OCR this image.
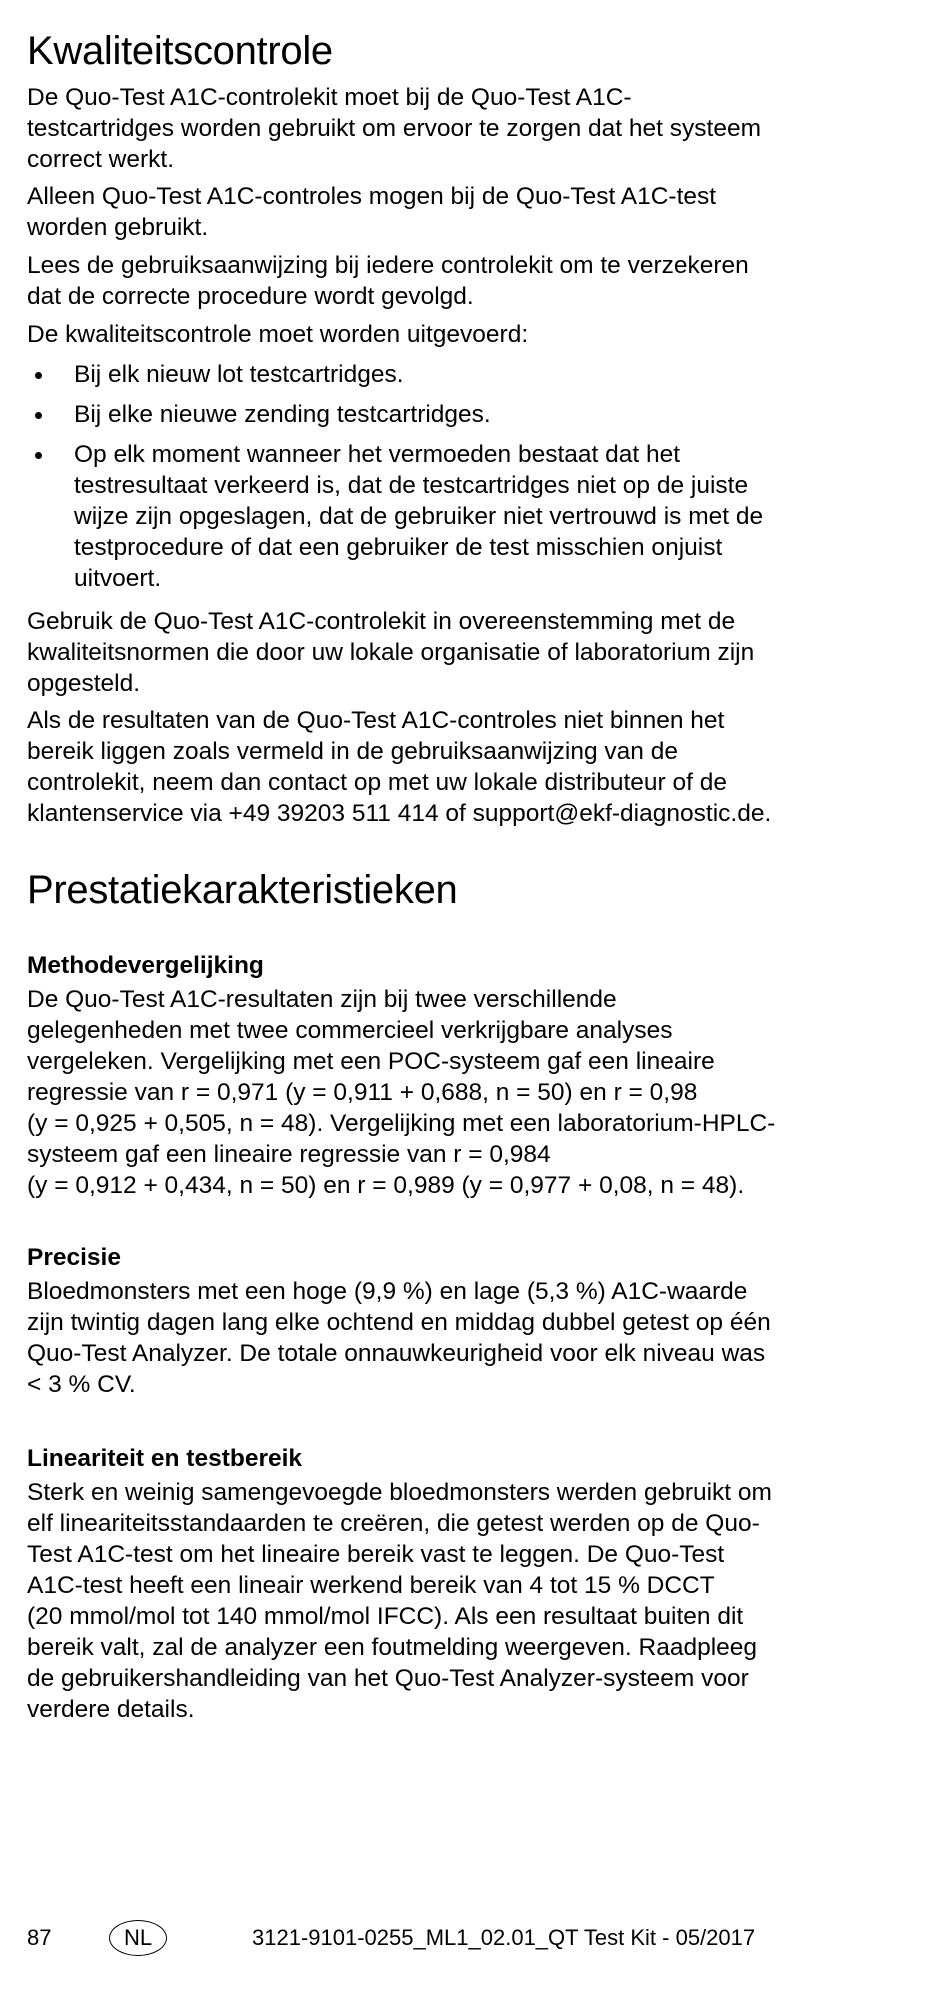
Kwaliteitscontrole

De Quo-Test A1C-controlekit moet bij de Quo-Test A1C-
testcartridges worden gebruikt om ervoor te zorgen dat het systeem
correct werkt.

Alleen Quo-Test A1C-controles mogen bij de Quo-Test A1C-test
worden gebruikt.

Lees de gebruiksaanwijzing bij iedere controlekit om te verzekeren
dat de correcte procedure wordt gevolgd.

De kwaliteitscontrole moet worden uitgevoerd:

Bij elk nieuw lot testcartridges.
Bij elke nieuwe zending testcartridges.
Op elk moment wanneer het vermoeden bestaat dat het
testresultaat verkeerd is, dat de testcartridges niet op de juiste
wijze zijn opgeslagen, dat de gebruiker niet vertrouwd is met de
testprocedure of dat een gebruiker de test misschien onjuist
uitvoert.

Gebruik de Quo-Test A1C-controlekit in overeenstemming met de
kwaliteitsnormen die door uw lokale organisatie of laboratorium zijn
opgesteld.

Als de resultaten van de Quo-Test A1C-controles niet binnen het
bereik liggen zoals vermeld in de gebruiksaanwijzing van de
controlekit, neem dan contact op met uw lokale distributeur of de
klantenservice via +49 39203 511 414 of support@ekf-diagnostic.de.

Prestatiekarakteristieken
Methodevergelijking

De Quo-Test A1C-resultaten zijn bij twee verschillende
gelegenheden met twee commercieel verkrijgbare analyses
vergeleken. Vergelijking met een POC-systeem gaf een lineaire
regressie van r = 0,971 (y = 0,911 + 0,688, n = 50) en r = 0,98
(y = 0,925 + 0,505, n = 48). Vergelijking met een laboratorium-HPLC-
systeem gaf een lineaire regressie van r = 0,984
(y = 0,912 + 0,434, n = 50) en r = 0,989 (y = 0,977 + 0,08, n = 48).

Precisie

Bloedmonsters met een hoge (9,9 %) en lage (5,3 %) A1C-waarde
zijn twintig dagen lang elke ochtend en middag dubbel getest op één
Quo-Test Analyzer. De totale onnauwkeurigheid voor elk niveau was
< 3 % CV.

Lineariteit en testbereik

Sterk en weinig samengevoegde bloedmonsters werden gebruikt om
elf lineariteitsstandaarden te creëren, die getest werden op de Quo-
Test A1C-test om het lineaire bereik vast te leggen. De Quo-Test
A1C-test heeft een lineair werkend bereik van 4 tot 15 % DCCT
(20 mmol/mol tot 140 mmol/mol IFCC). Als een resultaat buiten dit
bereik valt, zal de analyzer een foutmelding weergeven. Raadpleeg
de gebruikershandleiding van het Quo-Test Analyzer-systeem voor
verdere details.

87	NL	3121-9101-0255_ML1_02.01_QT Test Kit - 05/2017
